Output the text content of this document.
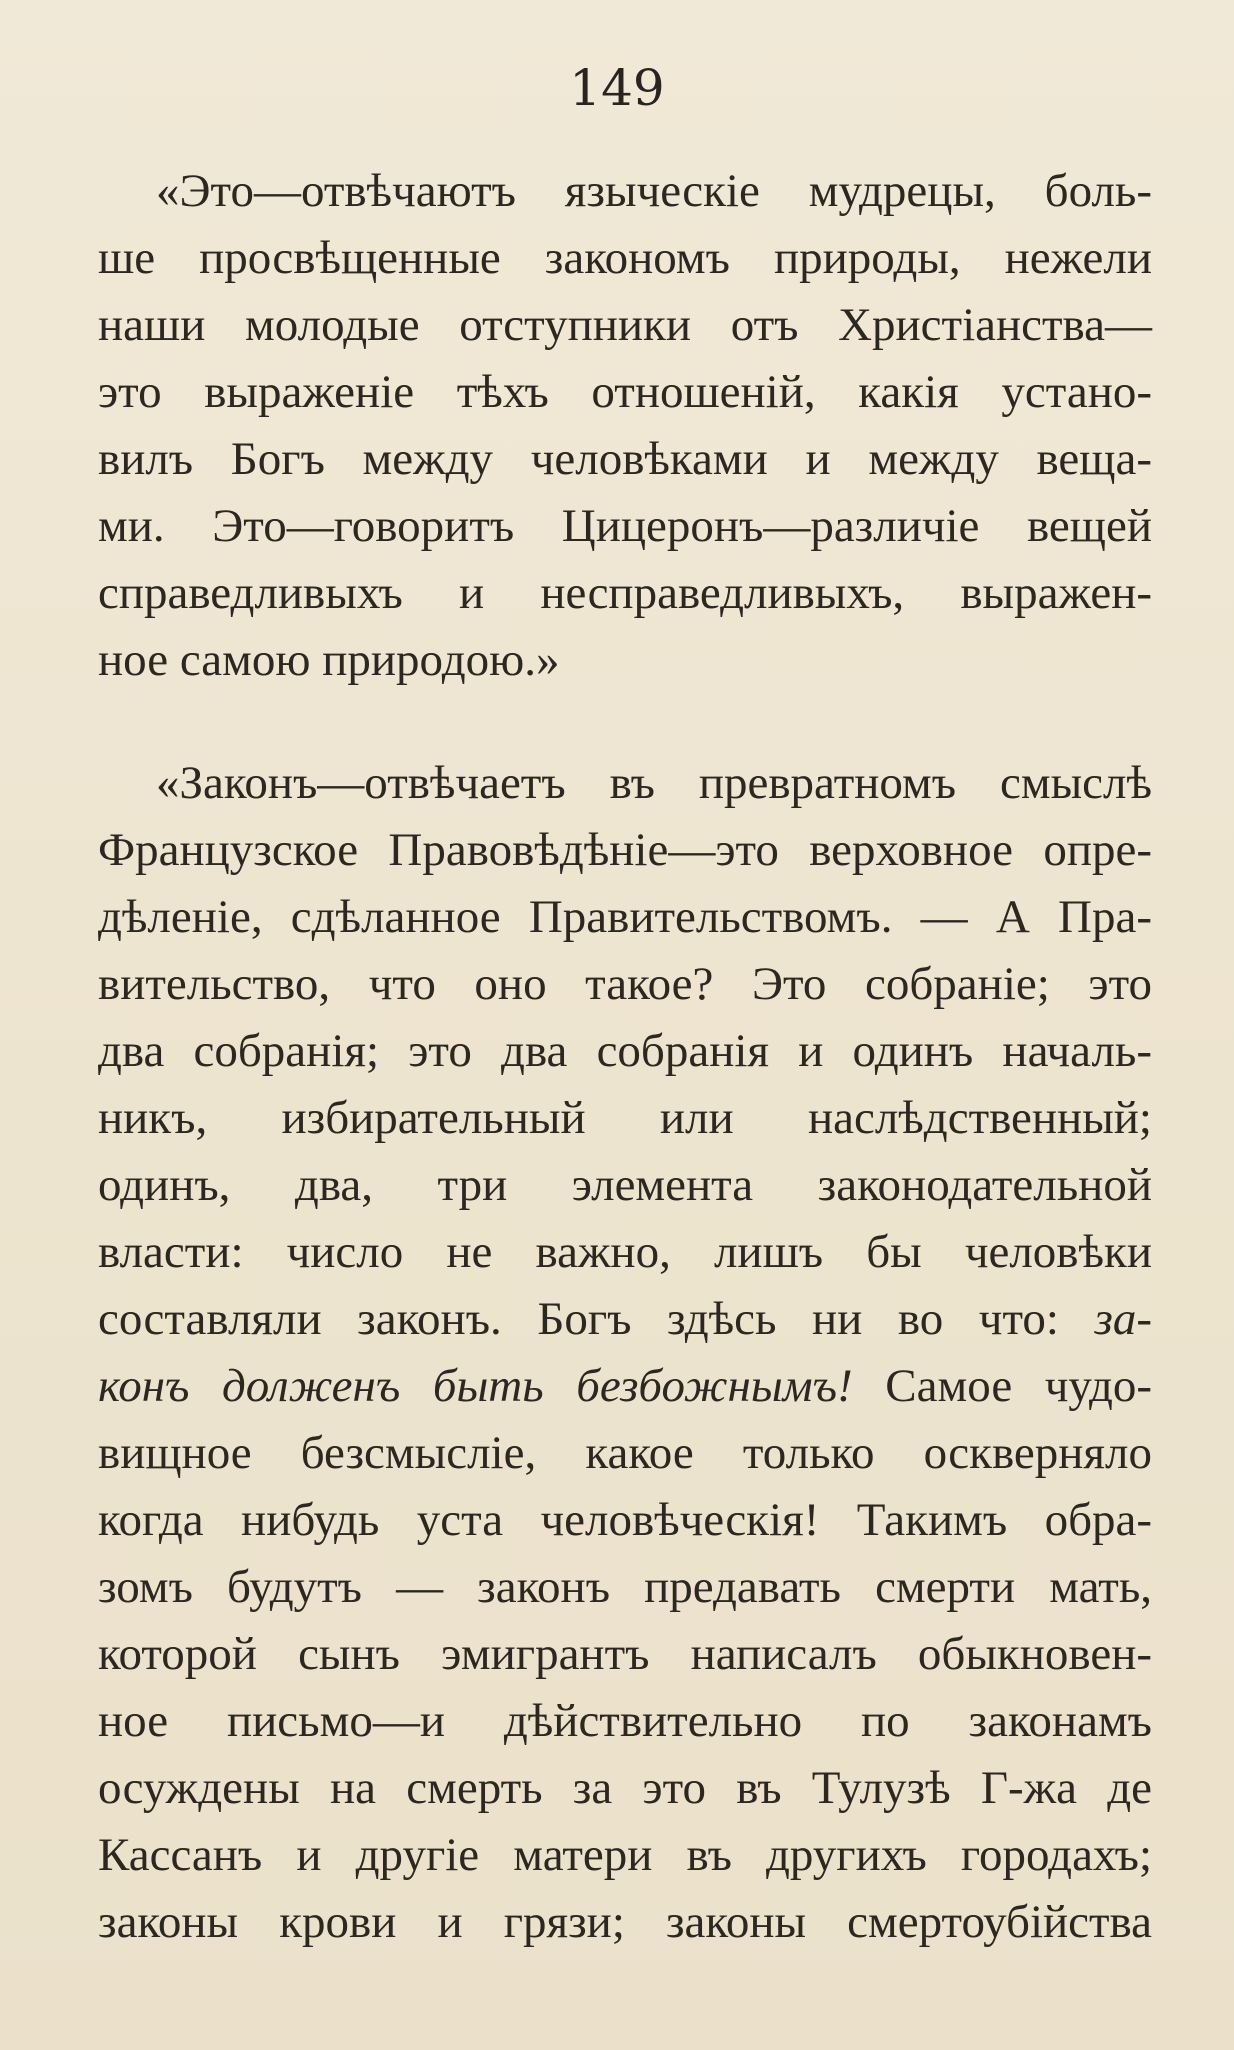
149
«Это—отвѣчаютъ языческіе мудрецы, боль-
ше просвѣщенные закономъ природы, нежели
наши молодые отступники отъ Христіанства—
это выраженіе тѣхъ отношеній, какія устано-
вилъ Богъ между человѣками и между веща-
ми. Это—говоритъ Цицеронъ—различіе вещей
справедливыхъ и несправедливыхъ, выражен-
ное самою природою.»
«Законъ—отвѣчаетъ въ превратномъ смыслѣ
Французское Правовѣдѣніе—это верховное опре-
дѣленіе, сдѣланное Правительствомъ. — А Пра-
вительство, что оно такое? Это собраніе; это
два собранія; это два собранія и одинъ началь-
никъ, избирательный или наслѣдственный;
одинъ, два, три элемента законодательной
власти: число не важно, лишъ бы человѣки
составляли законъ. Богъ здѣсь ни во что: за-
конъ долженъ быть безбожнымъ! Самое чудо-
вищное безсмысліе, какое только оскверняло
когда нибудь уста человѣческія! Такимъ обра-
зомъ будутъ — законъ предавать смерти мать,
которой сынъ эмигрантъ написалъ обыкновен-
ное письмо—и дѣйствительно по законамъ
осуждены на смерть за это въ Тулузѣ Г-жа де
Кассанъ и другіе матери въ другихъ городахъ;
законы крови и грязи; законы смертоубійства
